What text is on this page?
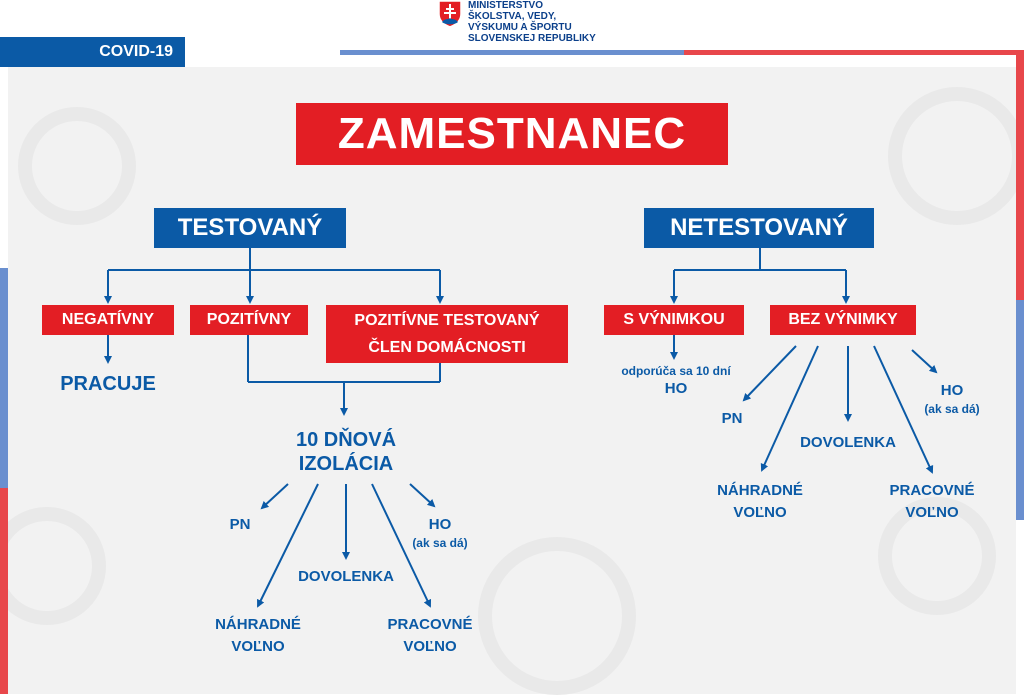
MINISTERSTVO
ŠKOLSTVA, VEDY,
VÝSKUMU A ŠPORTU
SLOVENSKEJ REPUBLIKY
COVID-19
ZAMESTNANEC
TESTOVANÝ
NEGATÍVNY	POZITÍVNY	POZITÍVNE TESTOVANÝ
ČLEN DOMÁCNOSTI
PRACUJE
10 DŇOVÁ
IZOLÁCIA
PN	HO
(ak sa dá)
DOVOLENKA
NÁHRADNÉ
VOĽNO
PRACOVNÉ
VOĽNO
NETESTOVANÝ
S VÝNIMKOU	BEZ VÝNIMKY
odporúča sa 10 dní
HO
PN
HO
(ak sa dá)
DOVOLENKA
NÁHRADNÉ
VOĽNO
PRACOVNÉ
VOĽNO
